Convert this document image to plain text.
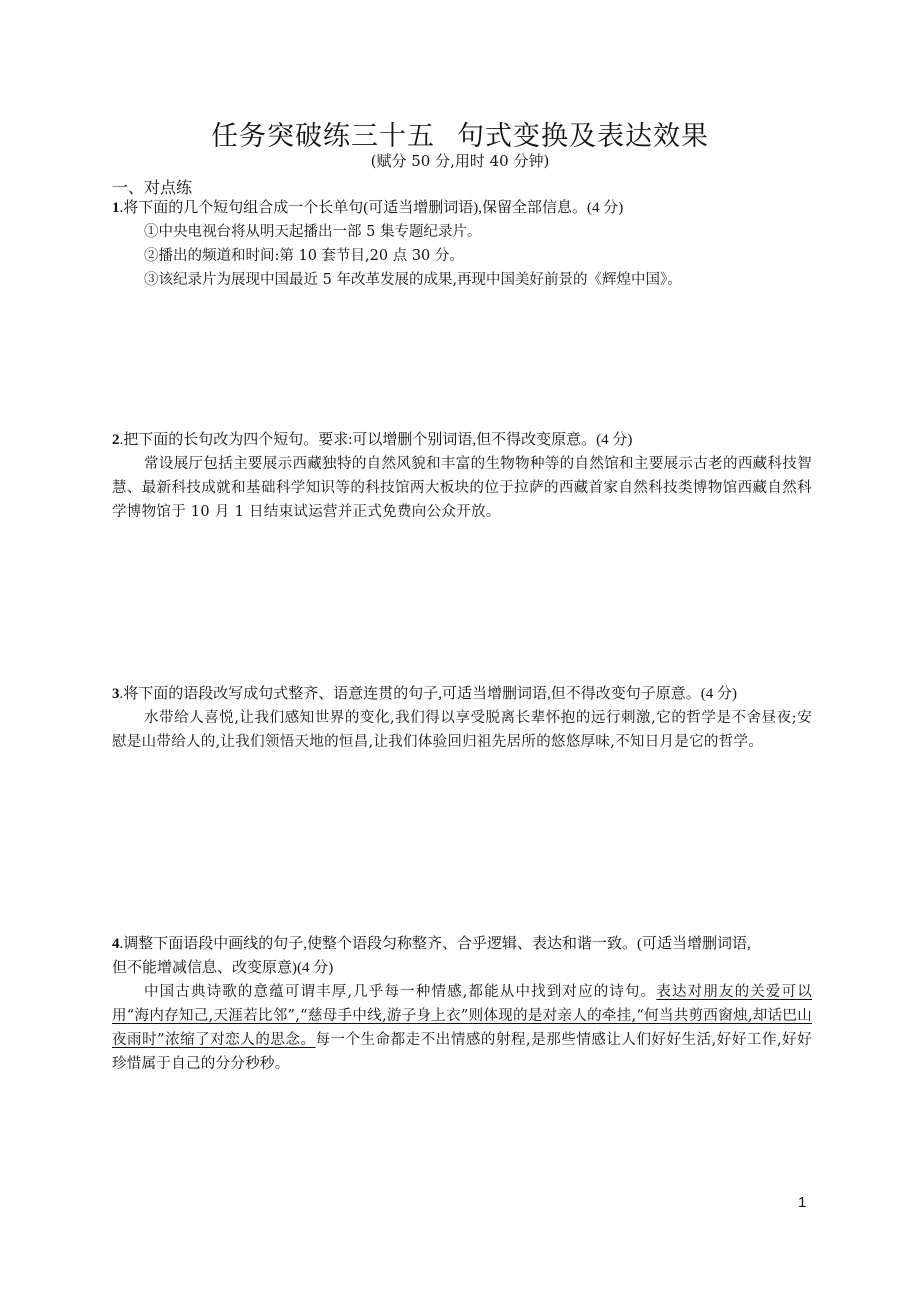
任务突破练三十五 句式变换及表达效果
(赋分 50 分,用时 40 分钟)
一、对点练
1.将下面的几个短句组合成一个长单句(可适当增删词语),保留全部信息。(4 分)
①中央电视台将从明天起播出一部 5 集专题纪录片。
②播出的频道和时间:第 10 套节目,20 点 30 分。
③该纪录片为展现中国最近 5 年改革发展的成果,再现中国美好前景的《辉煌中国》。
2.把下面的长句改为四个短句。要求:可以增删个别词语,但不得改变原意。(4 分)
常设展厅包括主要展示西藏独特的自然风貌和丰富的生物物种等的自然馆和主要展示古老的西藏科技智慧、最新科技成就和基础科学知识等的科技馆两大板块的位于拉萨的西藏首家自然科技类博物馆西藏自然科学博物馆于 10 月 1 日结束试运营并正式免费向公众开放。
3.将下面的语段改写成句式整齐、语意连贯的句子,可适当增删词语,但不得改变句子原意。(4 分)
水带给人喜悦,让我们感知世界的变化,我们得以享受脱离长辈怀抱的远行刺激,它的哲学是不舍昼夜;安慰是山带给人的,让我们领悟天地的恒昌,让我们体验回归祖先居所的悠悠厚味,不知日月是它的哲学。
4.调整下面语段中画线的句子,使整个语段匀称整齐、合乎逻辑、表达和谐一致。(可适当增删词语,
但不能增减信息、改变原意)(4 分)
中国古典诗歌的意蕴可谓丰厚,几乎每一种情感,都能从中找到对应的诗句。表达对朋友的关爱可以用“海内存知己,天涯若比邻”,“慈母手中线,游子身上衣”则体现的是对亲人的牵挂,“何当共剪西窗烛,却话巴山夜雨时”浓缩了对恋人的思念。每一个生命都走不出情感的射程,是那些情感让人们好好生活,好好工作,好好珍惜属于自己的分分秒秒。
1
